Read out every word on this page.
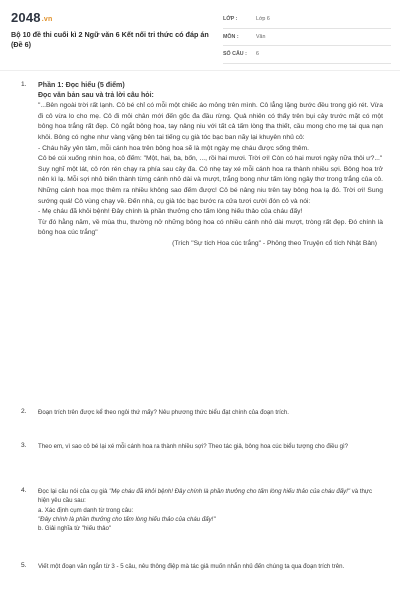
2048.vn
Bộ 10 đề thi cuối kì 2 Ngữ văn 6 Kết nối tri thức có đáp án (Đề 6)
LỚP :	Lớp 6
MÔN :	Văn
SỐ CÂU :	6
1. Phần 1: Đọc hiểu (5 điểm)
Đọc văn bản sau và trả lời câu hỏi:

"...Bên ngoài trời rất lạnh. Cô bé chỉ có mỗi một chiếc áo mỏng trên mình. Cô lẳng lặng bước đều trong gió rét. Vừa đi cô vừa lo cho mẹ. Cô đi mỏi chân mới đến gốc đa đầu rừng. Quả nhiên có thấy trên bụi cây trước mặt có một bông hoa trắng rất đẹp. Cô ngắt bông hoa, tay nâng niu với tất cả tấm lòng tha thiết, cầu mong cho mẹ tai qua nạn khỏi. Bông có nghe như vàng vặng bên tai tiếng cụ già tóc bạc ban nãy lại khuyên nhủ cô:

- Cháu hãy yên tâm, mỗi cánh hoa trên bông hoa sẽ là một ngày mẹ cháu được sống thêm.

Cô bé cúi xuống nhìn hoa, cô đếm: "Một, hai, ba, bốn, ..., rồi hai mươi. Trời ơi! Còn có hai mươi ngày nữa thôi ư?..."

Suy nghĩ một lát, cô rón rén chạy ra phía sau cây đa. Cô nhẹ tay xé mỗi cánh hoa ra thành nhiều sợi. Bông hoa trở nên kì lạ. Mỗi sợi nhỏ biến thành từng cánh nhỏ dài và mượt, trắng bong như tấm lòng ngây thơ trong trắng của cô. Những cánh hoa mọc thêm ra nhiều không sao đếm được! Cô bé nâng niu trên tay bông hoa lạ đó. Trời ơi! Sung sướng quá! Cô vùng chạy về. Đến nhà, cụ già tóc bạc bước ra cửa tươi cười đón cô và nói:

- Mẹ cháu đã khỏi bệnh! Đây chính là phần thưởng cho tấm lòng hiếu thảo của cháu đấy!

Từ đó hằng năm, về mùa thu, thường nở những bông hoa có nhiều cánh nhỏ dài mượt, tròng rất đẹp. Đó chính là bông hoa cúc trắng"

(Trích "Sự tích Hoa cúc trắng" - Phỏng theo Truyện cổ tích Nhật Bản)
2. Đoạn trích trên được kể theo ngôi thứ mấy? Nêu phương thức biểu đạt chính của đoạn trích.
3. Theo em, vì sao cô bé lại xé mỗi cánh hoa ra thành nhiều sợi? Theo tác giả, bông hoa cúc biểu tượng cho điều gì?
4. Đọc lại câu nói của cụ già "Mẹ cháu đã khỏi bệnh! Đây chính là phần thưởng cho tấm lòng hiếu thảo của cháu đấy!" và thực hiện yêu cầu sau:

a. Xác định cụm danh từ trong câu:

"Đây chính là phần thưởng cho tấm lòng hiếu thảo của cháu đấy!"

b. Giải nghĩa từ "hiếu thảo"

5. Viết một đoạn văn ngắn từ 3 - 5 câu, nêu thông điệp mà tác giả muốn nhắn nhủ đến chúng ta qua đoạn trích trên.
